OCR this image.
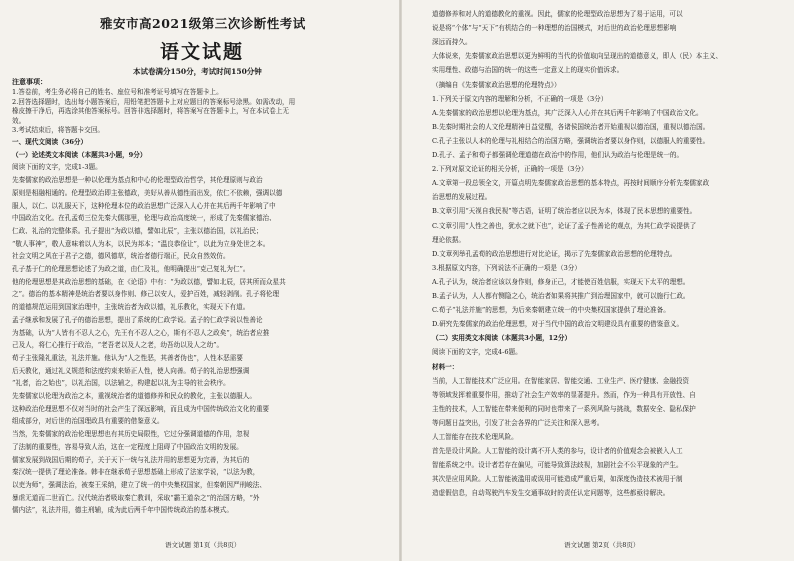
雅安市高2021级第三次诊断性考试
语文试题
本试卷满分150分，考试时间150分钟
注意事项：
1.答卷前，考生务必将自己的姓名、座位号和准考证号填写在答题卡上。
2.回答选择题时，选出每小题答案后，用铅笔把答题卡上对应题目的答案标号涂黑。如需改动，用
橡皮擦干净后，再选涂其他答案标号。回答非选择题时，将答案写在答题卡上，写在本试卷上无
效。
3.考试结束后，将答题卡交回。
一、现代文阅读（36分）
（一）论述类文本阅读（本题共3小题，9分）
阅读下面的文字，完成1-3题。
先秦儒家的政治思想是一种以伦理为基点和中心的伦理型政治哲学，其伦理原则与政治
原则是相融相通的。伦理型政治即主张德政，美好从善从德性而出发，依仁不依赖，强调以德
服人，以仁、以礼服天下，这种伦理本位的政治思想广泛深入人心并在其后两千年影响了中
中国政治文化。在孔孟荀三位先秦大儒那里，伦理与政治高度统一，形成了先秦儒家德治、
仁政、礼治的完整体系。孔子提出“为政以德，譬如北辰”，主张以德治国，以礼治民；
“敬人事神”，敬人意味着以人为本，以民为邦本；“温良恭俭让”，以此为立身处世之本。
社会文明之风在于君子之德，德风德草，统治者德行端正，民众自然效仿。
孔子基于仁的伦理思想论述了为政之道，由仁及礼，他明确提出“克己复礼为仁”。
他的伦理思想是其政治思想的基础，在《论语》中有：“为政以德，譬如北辰，居其所而众星共
之”。德治的基本精神是统治者要以身作则、修己以安人，爱护百姓，减轻剥削。孔子将伦理
的道德规范运用到国家治理中，主张统治者为政以德，礼乐教化，实现天下有道。
孟子继承和发展了孔子的德治思想，提出了系统的仁政学说。孟子的仁政学说以性善论
为基础，认为“人皆有不忍人之心，先王有不忍人之心，斯有不忍人之政矣”，统治者应推
己及人，将仁心推行于政治，“老吾老以及人之老，幼吾幼以及人之幼”。
荀子主张隆礼重法，礼法并施。他认为“人之性恶，其善者伪也”，人性本恶需要
后天教化，通过礼义规范和法度约束来矫正人性，使人向善。荀子的礼治思想强调
“礼者，治之始也”，以礼治国，以法辅之，构建起以礼为主导的社会秩序。
先秦儒家以伦理为政治之本，重视统治者的道德修养和民众的教化，主张以德服人。
这种政治伦理思想不仅对当时的社会产生了深远影响，而且成为中国传统政治文化的重要
组成部分，对后世的治国理政具有重要的借鉴意义。
当然，先秦儒家的政治伦理思想也有其历史局限性，它过分强调道德的作用，忽视
了法制的重要性，容易导致人治，这在一定程度上阻碍了中国政治文明的发展。
儒家发展到战国后期的荀子，关于天下一统与礼法并用的思想更为完善，为其后的
秦汉统一提供了理论准备。韩非在继承荀子思想基础上形成了法家学说，“以法为教，
以吏为师”，强调法治，被秦王采纳，建立了统一的中央集权国家，但秦朝因严刑峻法、
暴虐无道而二世而亡。汉代统治者吸取秦亡教训，采取“霸王道杂之”的治国方略，“外
儒内法”，礼法并用，德主刑辅，成为此后两千年中国传统政治的基本模式。
语文试题 第1页（共8页）
道德修养和对人的道德教化的重视。因此，儒家的伦理型政治思想为了易于运用，可以
说是将“个体”与“天下”有机结合的一种理想的治国模式，对后世的政治伦理思想影响
深远而持久。
大体说来，先秦儒家政治思想以更为鲜明的当代的价值取向呈现出的道德意义，即人（民）本主义、
实用理性、政德与治国的统一的这些一定意义上的现实价值诉求。
（摘编自《先秦儒家政治思想的伦理特点》）
1.下列关于原文内容的理解和分析，不正确的一项是（3分）
A.先秦儒家的政治思想以伦理为基点，其广泛深入人心并在其后两千年影响了中国政治文化。
B.先秦时期社会的人文伦理精神日益觉醒，各诸侯国统治者开始重视以德治国，重视以德治国。
C.孔子主张以人本的伦理与礼相结合的治国方略，强调统治者要以身作则，以德服人的重要性。
D.孔子、孟子和荀子都强调伦理道德在政治中的作用，他们认为政治与伦理是统一的。
2.下列对原文论证的相关分析，正确的一项是（3分）
A.文章第一段总领全文，开篇点明先秦儒家政治思想的基本特点，再按时间顺序分析先秦儒家政
治思想的发展过程。
B.文章引用“天视自我民视”等古语，证明了统治者应以民为本，体现了民本思想的重要性。
C.文章引用“人性之善也，犹水之就下也”，论证了孟子性善论的观点，为其仁政学说提供了
理论依据。
D.文章列举孔孟荀的政治思想进行对比论证，揭示了先秦儒家政治思想的伦理特点。
3.根据原文内容，下列说法不正确的一项是（3分）
A.孔子认为，统治者应该以身作则，修身正己，才能使百姓信服，实现天下太平的理想。
B.孟子认为，人人都有恻隐之心，统治者如果将其推广到治理国家中，就可以施行仁政。
C.荀子“礼法并施”的思想，为后来秦朝建立统一的中央集权国家提供了理论准备。
D.研究先秦儒家的政治伦理思想，对于当代中国的政治文明建设具有重要的借鉴意义。
（二）实用类文本阅读（本题共3小题，12分）
阅读下面的文字，完成4-6题。
材料一：
当前，人工智能技术广泛应用。在智能家居、智能交通、工业生产、医疗健康、金融投资
等领域发挥着重要作用，推动了社会生产效率的显著提升。然而，作为一种具有开放性、自
主性的技术，人工智能在带来便利的同时也带来了一系列风险与挑战，数据安全、隐私保护
等问题日益突出，引发了社会各界的广泛关注和深入思考。
人工智能存在技术伦理风险。
首先是设计风险。人工智能的设计离不开人类的参与，设计者的价值观念会被嵌入人工
智能系统之中。设计者若存在偏见，可能导致算法歧视，加剧社会不公平现象的产生。
其次是应用风险。人工智能被滥用或误用可能造成严重后果，如深度伪造技术被用于制
造虚假信息，自动驾驶汽车发生交通事故时的责任认定问题等，这些都亟待解决。
语文试题 第2页（共8页）
